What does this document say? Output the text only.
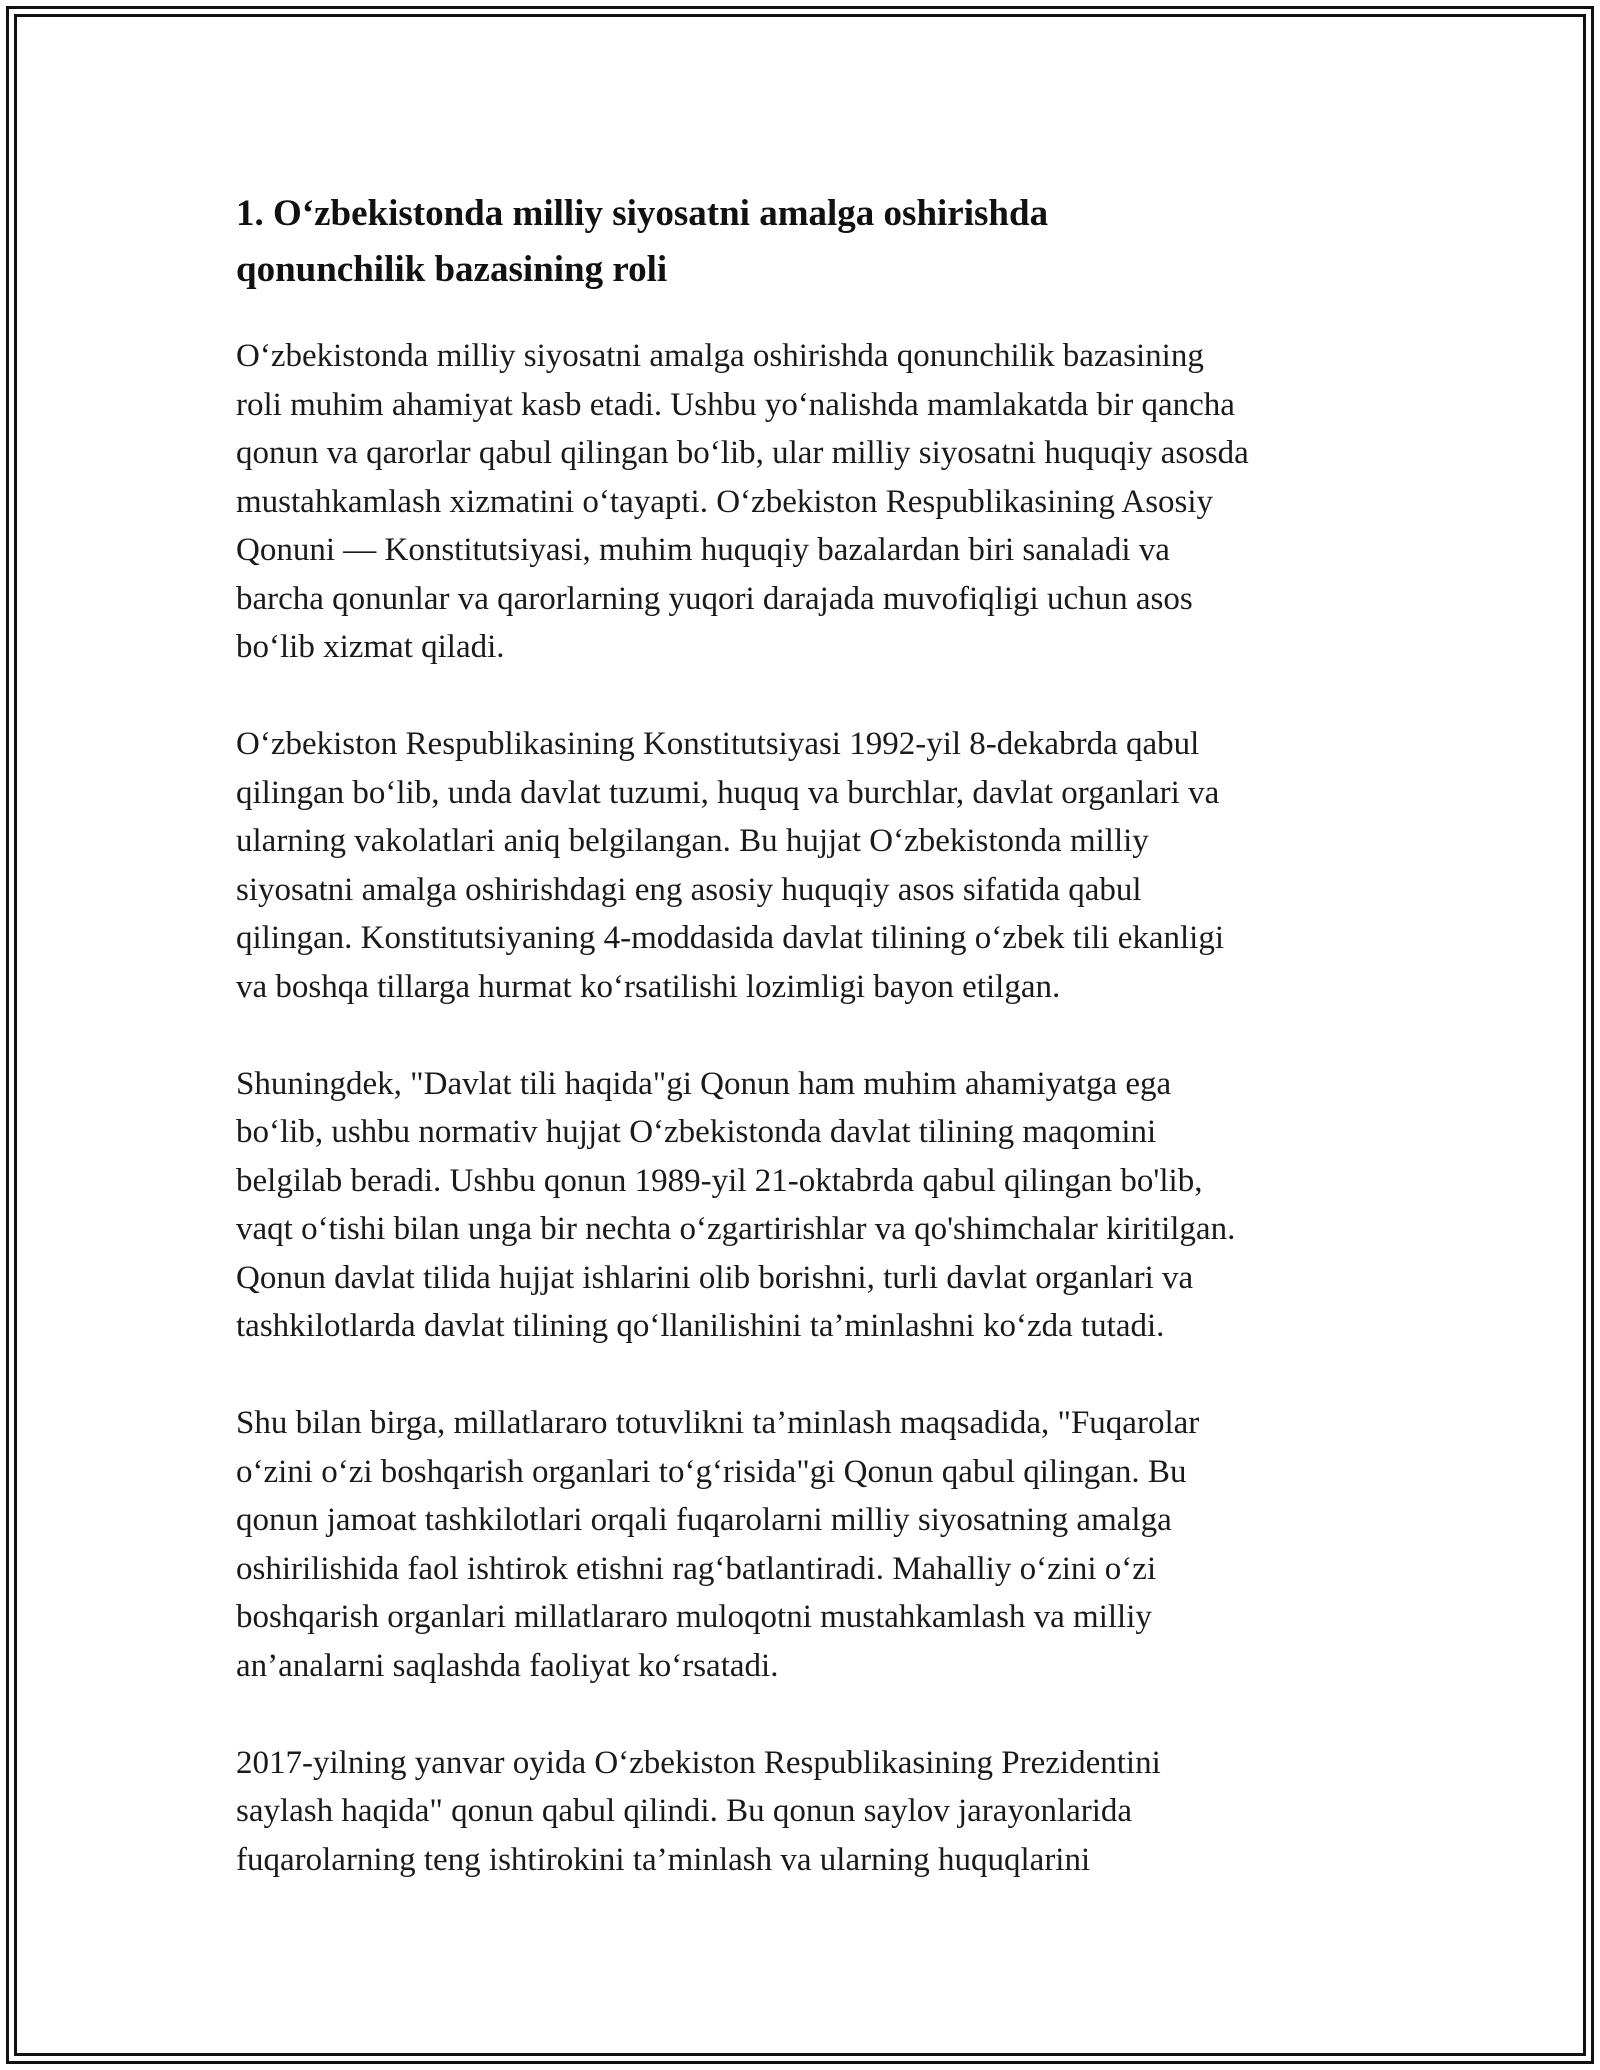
1. O‘zbekistonda milliy siyosatni amalga oshirishda
qonunchilik bazasining roli

O‘zbekistonda milliy siyosatni amalga oshirishda qonunchilik bazasining
roli muhim ahamiyat kasb etadi. Ushbu yo‘nalishda mamlakatda bir qancha
qonun va qarorlar qabul qilingan bo‘lib, ular milliy siyosatni huquqiy asosda
mustahkamlash xizmatini o‘tayapti. O‘zbekiston Respublikasining Asosiy
Qonuni — Konstitutsiyasi, muhim huquqiy bazalardan biri sanaladi va
barcha qonunlar va qarorlarning yuqori darajada muvofiqligi uchun asos
bo‘lib xizmat qiladi.

O‘zbekiston Respublikasining Konstitutsiyasi 1992-yil 8-dekabrda qabul
qilingan bo‘lib, unda davlat tuzumi, huquq va burchlar, davlat organlari va
ularning vakolatlari aniq belgilangan. Bu hujjat O‘zbekistonda milliy
siyosatni amalga oshirishdagi eng asosiy huquqiy asos sifatida qabul
qilingan. Konstitutsiyaning 4-moddasida davlat tilining o‘zbek tili ekanligi
va boshqa tillarga hurmat ko‘rsatilishi lozimligi bayon etilgan.

Shuningdek, "Davlat tili haqida"gi Qonun ham muhim ahamiyatga ega
bo‘lib, ushbu normativ hujjat O‘zbekistonda davlat tilining maqomini
belgilab beradi. Ushbu qonun 1989-yil 21-oktabrda qabul qilingan bo'lib,
vaqt o‘tishi bilan unga bir nechta o‘zgartirishlar va qo'shimchalar kiritilgan.
Qonun davlat tilida hujjat ishlarini olib borishni, turli davlat organlari va
tashkilotlarda davlat tilining qo‘llanilishini ta’minlashni ko‘zda tutadi.

Shu bilan birga, millatlararo totuvlikni ta’minlash maqsadida, "Fuqarolar
o‘zini o‘zi boshqarish organlari to‘g‘risida"gi Qonun qabul qilingan. Bu
qonun jamoat tashkilotlari orqali fuqarolarni milliy siyosatning amalga
oshirilishida faol ishtirok etishni rag‘batlantiradi. Mahalliy o‘zini o‘zi
boshqarish organlari millatlararo muloqotni mustahkamlash va milliy
an’analarni saqlashda faoliyat ko‘rsatadi.

2017-yilning yanvar oyida O‘zbekiston Respublikasining Prezidentini
saylash haqida" qonun qabul qilindi. Bu qonun saylov jarayonlarida
fuqarolarning teng ishtirokini ta’minlash va ularning huquqlarini
